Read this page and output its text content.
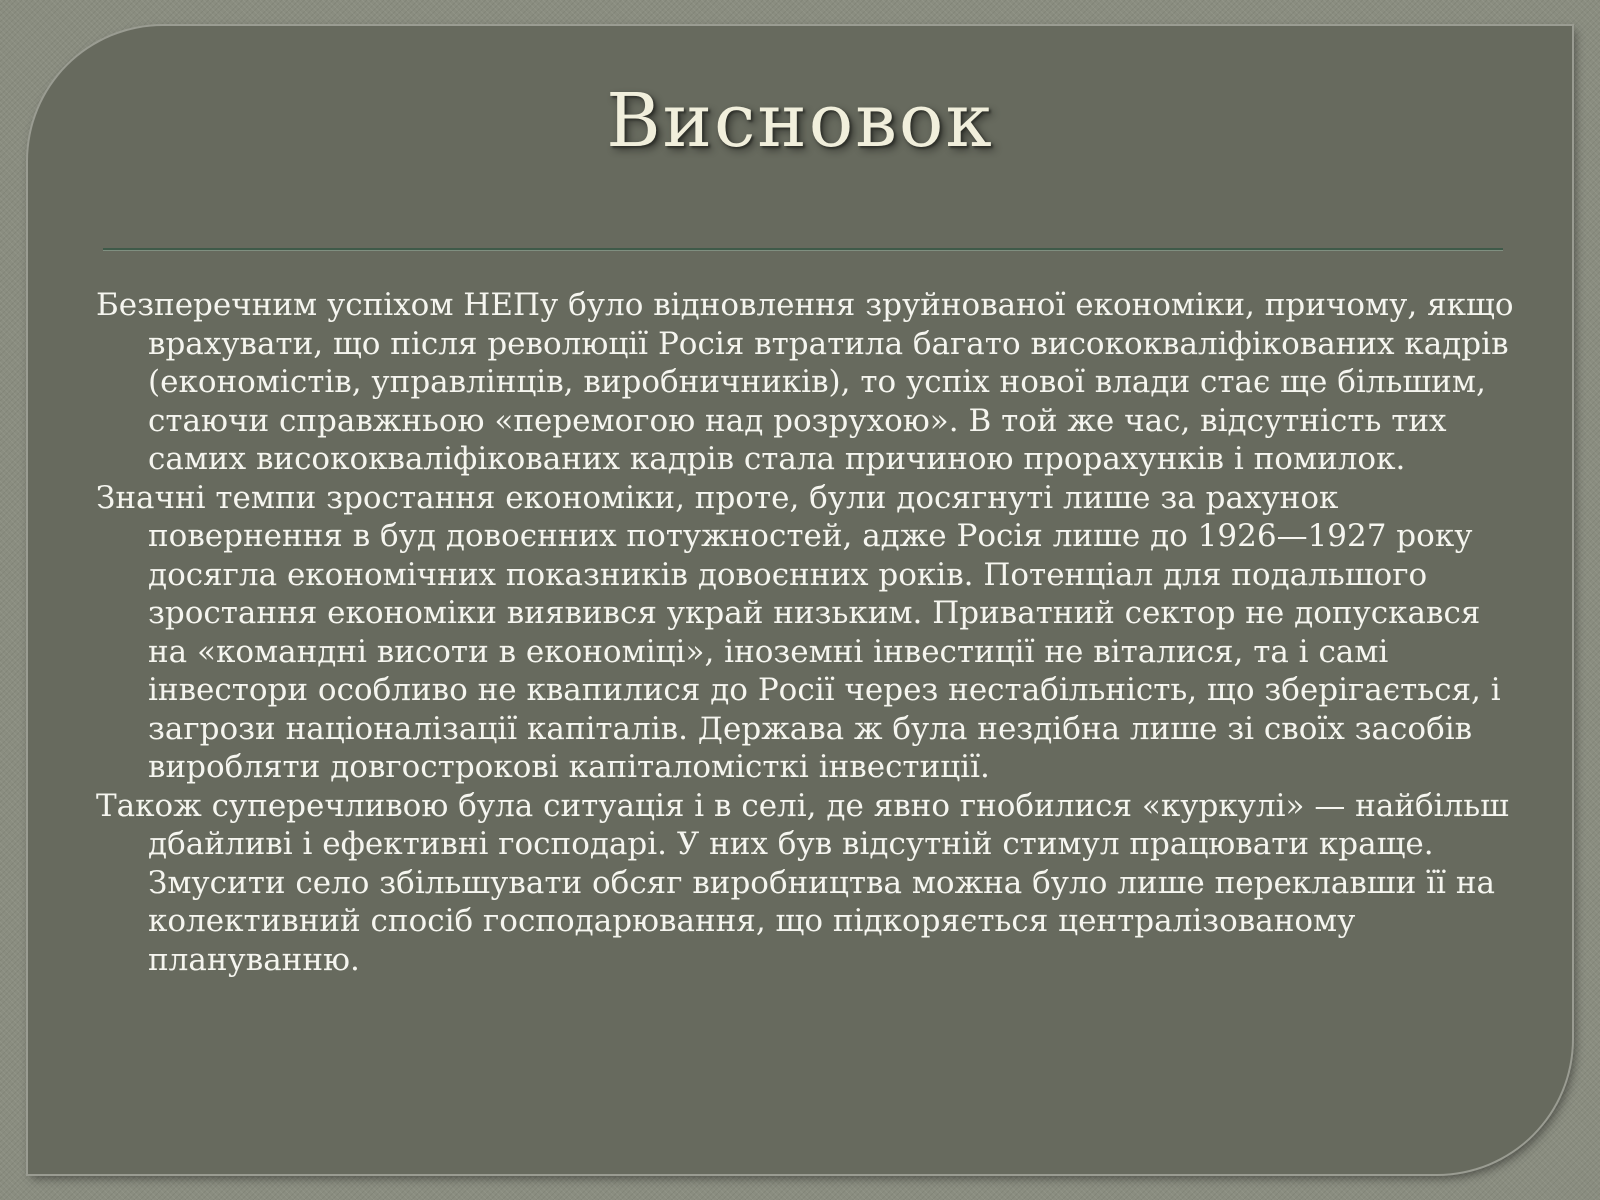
Висновок

Безперечним успіхом НЕПу було відновлення зруйнованої економіки, причому, якщо врахувати, що після революції Росія втратила багато висококваліфікованих кадрів (економістів, управлінців, виробничників), то успіх нової влади стає ще більшим, стаючи справжньою «перемогою над розрухою». В той же час, відсутність тих самих висококваліфікованих кадрів стала причиною прорахунків і помилок.

Значні темпи зростання економіки, проте, були досягнуті лише за рахунок повернення в буд довоєнних потужностей, адже Росія лише до 1926—1927 року досягла економічних показників довоєнних років. Потенціал для подальшого зростання економіки виявився украй низьким. Приватний сектор не допускався на «командні висоти в економіці», іноземні інвестиції не віталися, та і самі інвестори особливо не квапилися до Росії через нестабільність, що зберігається, і загрози націоналізації капіталів. Держава ж була нездібна лише зі своїх засобів виробляти довгострокові капіталомісткі інвестиції.

Також суперечливою була ситуація і в селі, де явно гнобилися «куркулі» — найбільш дбайливі і ефективні господарі. У них був відсутній стимул працювати краще. Змусити село збільшувати обсяг виробництва можна було лише переклавши її на колективний спосіб господарювання, що підкоряється централізованому плануванню.
